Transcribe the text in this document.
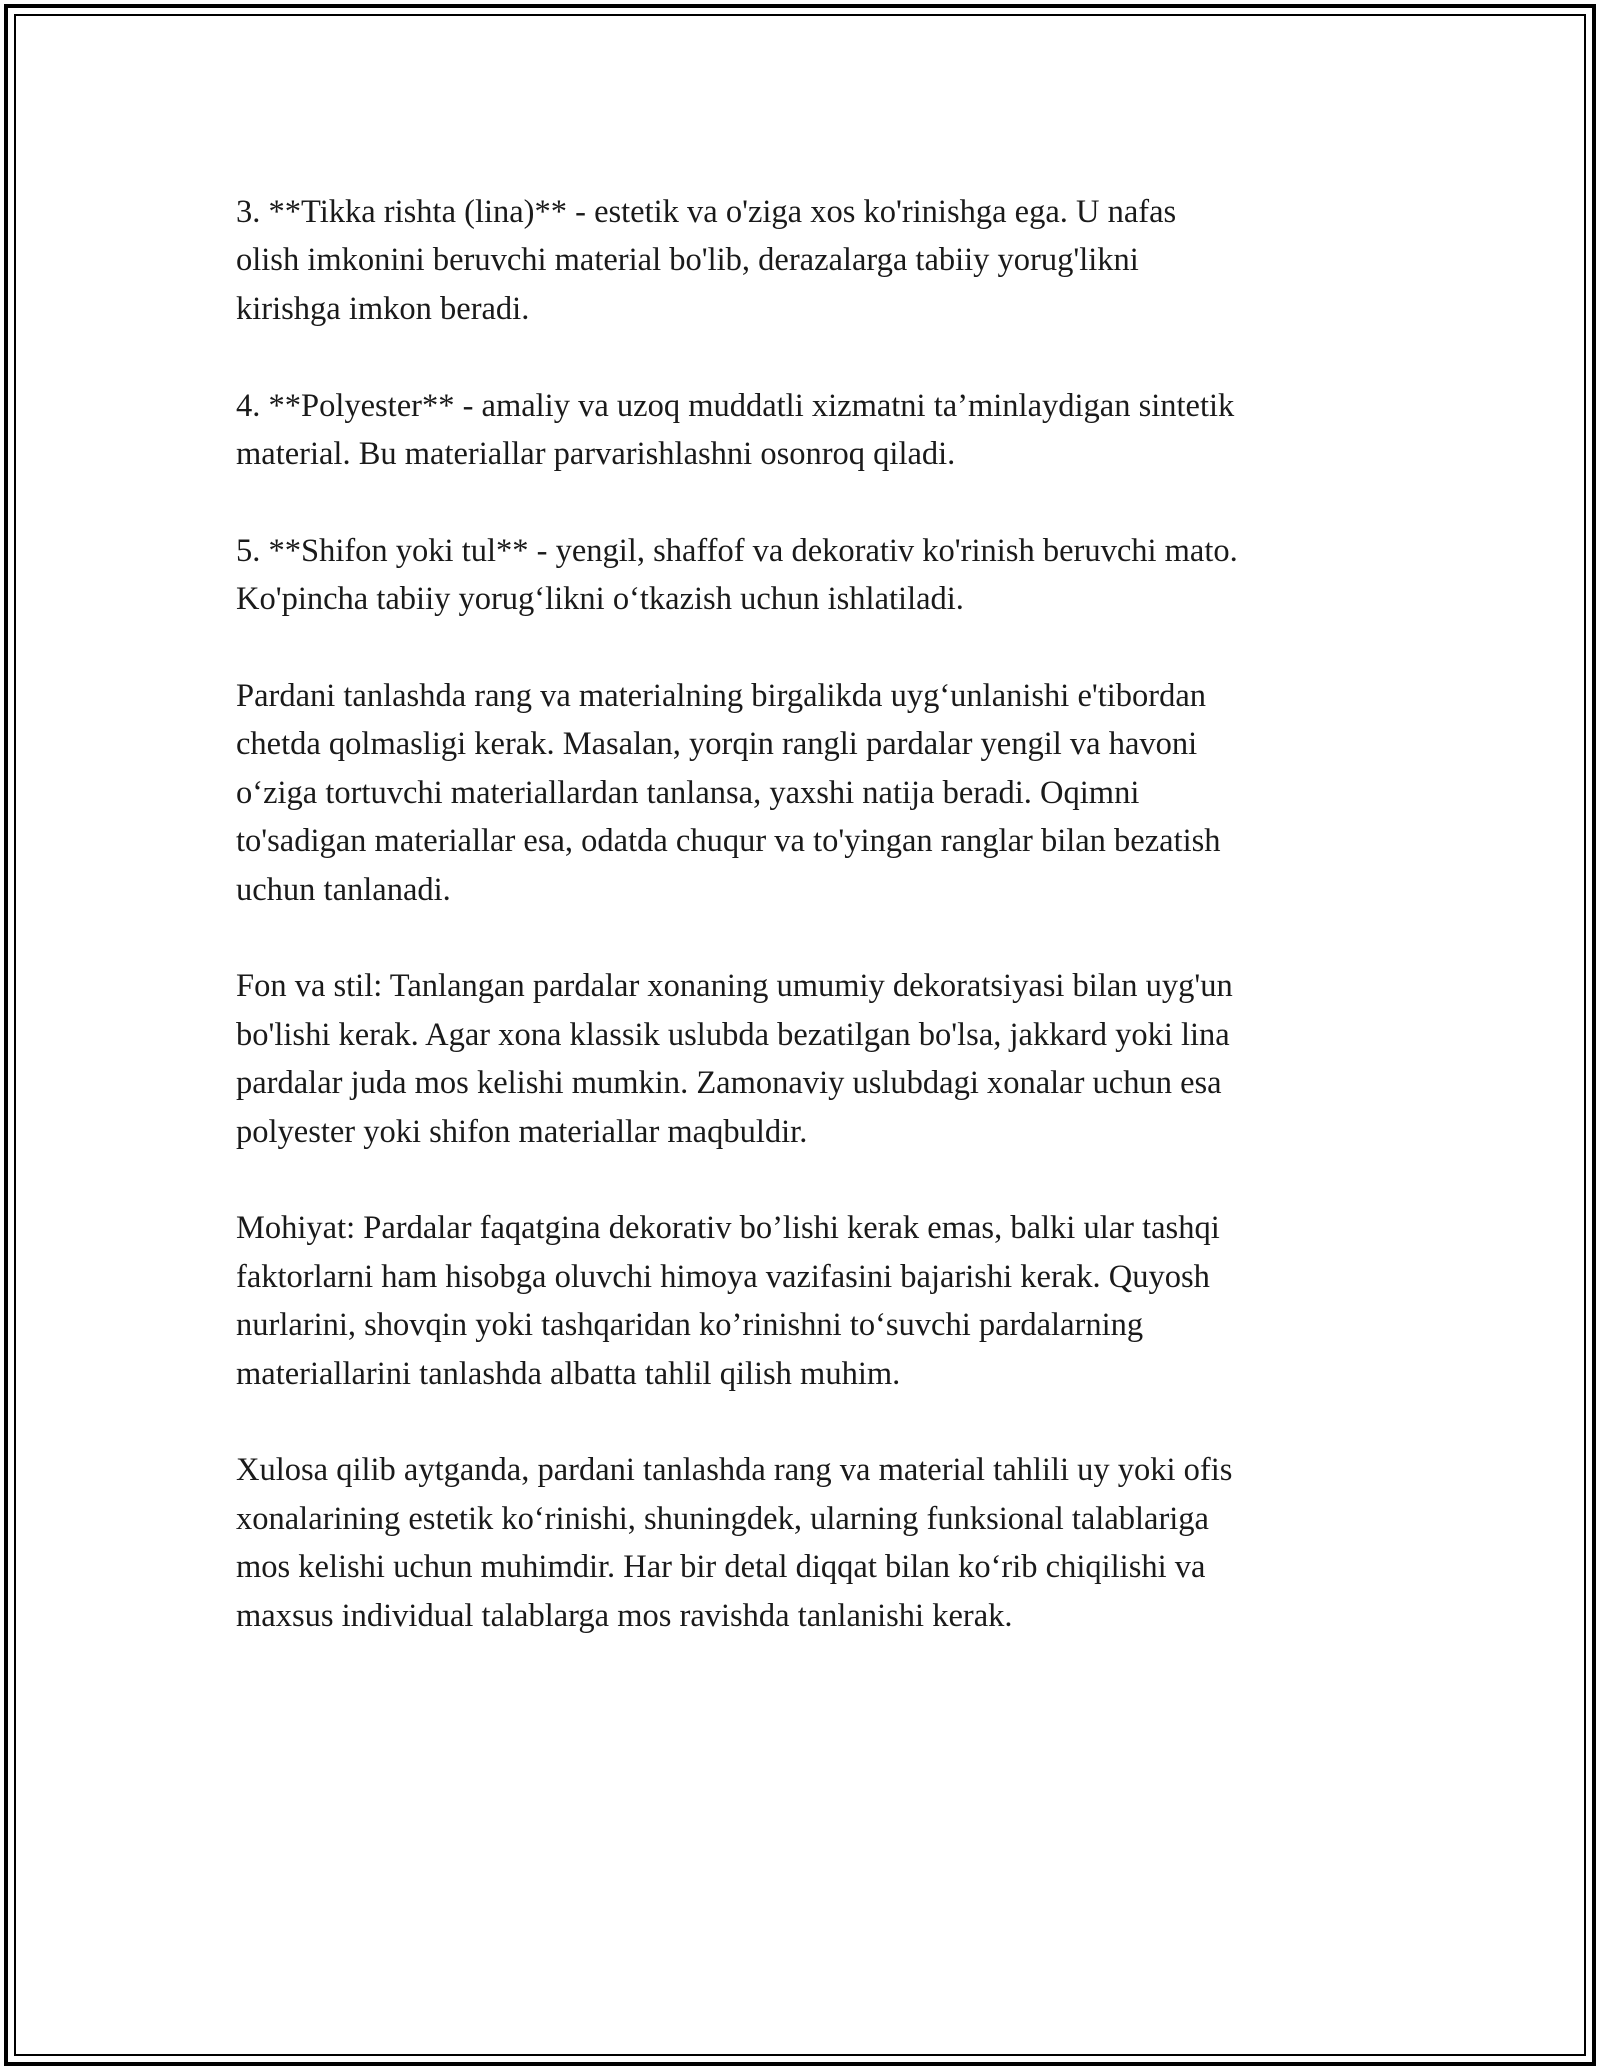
3. **Tikka rishta (lina)** - estetik va o'ziga xos ko'rinishga ega. U nafas
olish imkonini beruvchi material bo'lib, derazalarga tabiiy yorug'likni
kirishga imkon beradi.

4. **Polyester** - amaliy va uzoq muddatli xizmatni ta’minlaydigan sintetik
material. Bu materiallar parvarishlashni osonroq qiladi.

5. **Shifon yoki tul** - yengil, shaffof va dekorativ ko'rinish beruvchi mato.
Ko'pincha tabiiy yorug‘likni o‘tkazish uchun ishlatiladi.

Pardani tanlashda rang va materialning birgalikda uyg‘unlanishi e'tibordan
chetda qolmasligi kerak. Masalan, yorqin rangli pardalar yengil va havoni
o‘ziga tortuvchi materiallardan tanlansa, yaxshi natija beradi. Oqimni
to'sadigan materiallar esa, odatda chuqur va to'yingan ranglar bilan bezatish
uchun tanlanadi.

Fon va stil: Tanlangan pardalar xonaning umumiy dekoratsiyasi bilan uyg'un
bo'lishi kerak. Agar xona klassik uslubda bezatilgan bo'lsa, jakkard yoki lina
pardalar juda mos kelishi mumkin. Zamonaviy uslubdagi xonalar uchun esa
polyester yoki shifon materiallar maqbuldir.

Mohiyat: Pardalar faqatgina dekorativ bo’lishi kerak emas, balki ular tashqi
faktorlarni ham hisobga oluvchi himoya vazifasini bajarishi kerak. Quyosh
nurlarini, shovqin yoki tashqaridan ko’rinishni to‘suvchi pardalarning
materiallarini tanlashda albatta tahlil qilish muhim.

Xulosa qilib aytganda, pardani tanlashda rang va material tahlili uy yoki ofis
xonalarining estetik ko‘rinishi, shuningdek, ularning funksional talablariga
mos kelishi uchun muhimdir. Har bir detal diqqat bilan ko‘rib chiqilishi va
maxsus individual talablarga mos ravishda tanlanishi kerak.
